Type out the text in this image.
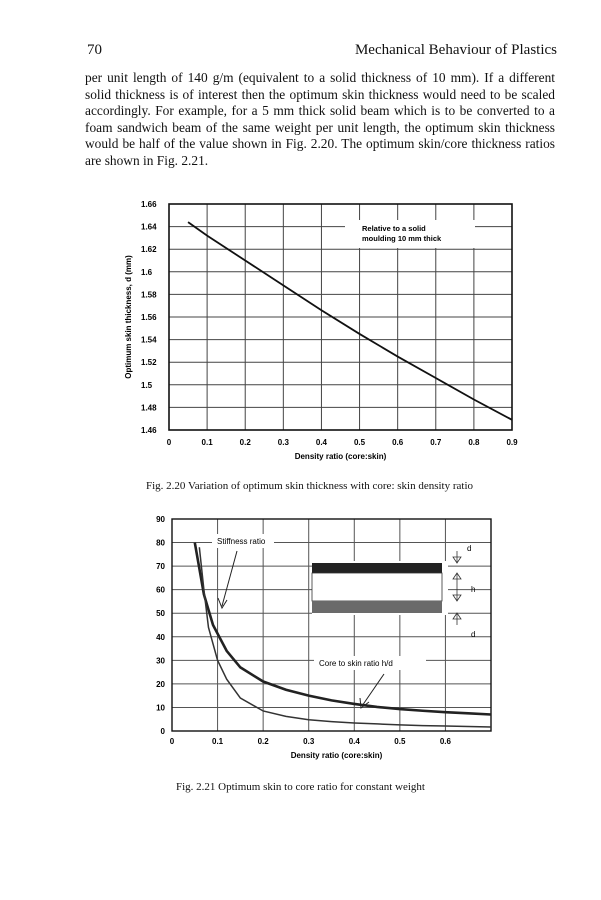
70	Mechanical Behaviour of Plastics
per unit length of 140 g/m (equivalent to a solid thickness of 10 mm). If a different solid thickness is of interest then the optimum skin thickness would need to be scaled accordingly. For example, for a 5 mm thick solid beam which is to be converted to a foam sandwich beam of the same weight per unit length, the optimum skin thickness would be half of the value shown in Fig. 2.20. The optimum skin/core thickness ratios are shown in Fig. 2.21.
0	0.1	0.2	0.3	0.4	0.5	0.6	0.7	0.8	0.9
1.46
1.48
1.5
1.52
1.54
1.56
1.58
1.6
1.62
1.64
1.66
Density ratio (core:skin)
Optimum skin thickness, d (mm)
Relative to a solid
moulding 10 mm thick
Fig. 2.20 Variation of optimum skin thickness with core: skin density ratio
0	0.1	0.2	0.3	0.4	0.5	0.6
0
10
20
30
40
50
60
70
80
90
Density ratio (core:skin)
d
h
d
Stiffness ratio
Core to skin ratio h/d
Fig. 2.21 Optimum skin to core ratio for constant weight
